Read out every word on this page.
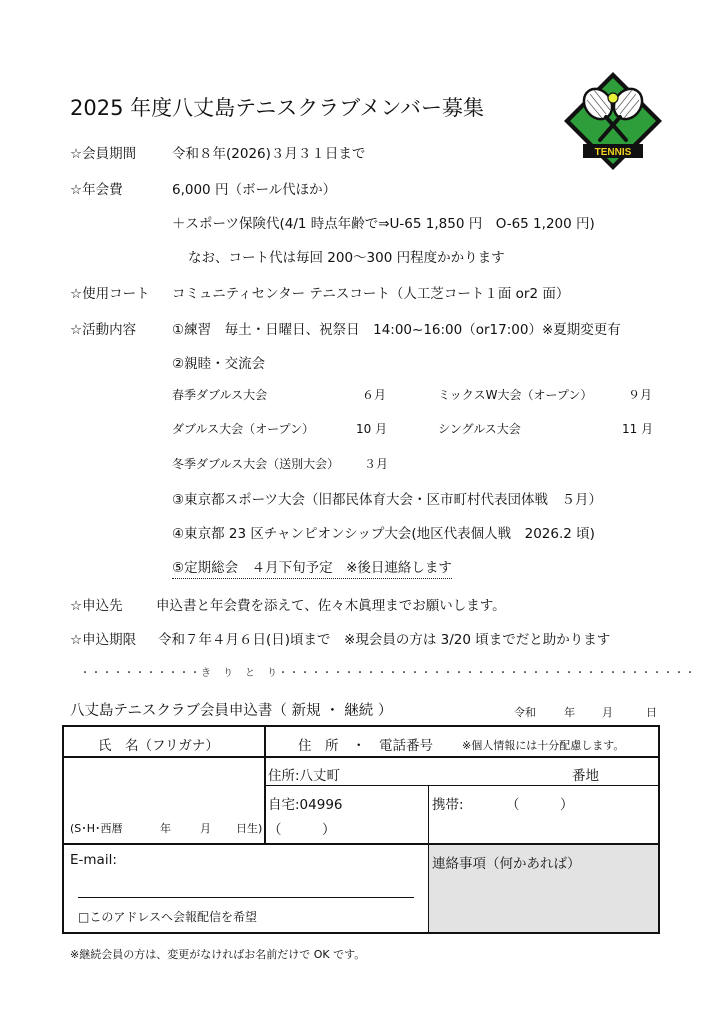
2025 年度八丈島テニスクラブメンバー募集
TENNIS
☆会員期間	令和８年(2026)３月３１日まで
☆年会費	6,000 円（ボール代ほか）
＋スポーツ保険代(4/1 時点年齢で⇒U-65 1,850 円　O-65 1,200 円)
なお、コート代は毎回 200～300 円程度かかります
☆使用コート コミュニティセンター テニスコート（人工芝コート１面 or2 面）
☆活動内容	①練習　毎土・日曜日、祝祭日　14:00~16:00（or17:00）※夏期変更有
②親睦・交流会
春季ダブルス大会	６月	ミックスW大会（オープン）	９月
ダブルス大会（オープン）	10 月	シングルス大会	11 月
冬季ダブルス大会（送別大会） ３月
③東京都スポーツ大会（旧都民体育大会・区市町村代表団体戦　５月）
④東京都 23 区チャンピオンシップ大会(地区代表個人戦　2026.2 頃)
⑤定期総会　４月下旬予定　※後日連絡します
☆申込先 申込書と年会費を添えて、佐々木眞理までお願いします。
☆申込期限 令和７年４月６日(日)頃まで　※現会員の方は 3/20 頃までだと助かります
・・・・・・・・・・・き　り　と　り・・・・・・・・・・・・・・・・・・・・・・・・・・・・・・・・・・・・・・
八丈島テニスクラブ会員申込書（ 新規 ・ 継続 ）	令和	年 月	日
氏　名（フリガナ）	住　所　・　電話番号	※個人情報には十分配慮します。
(S･H･西暦	年	月 日生)
住所:八丈町	番地
自宅:04996
（　　　）
携帯:	（　　　）
E-mail:
□このアドレスへ会報配信を希望
連絡事項（何かあれば）
※継続会員の方は、変更がなければお名前だけで OK です。
